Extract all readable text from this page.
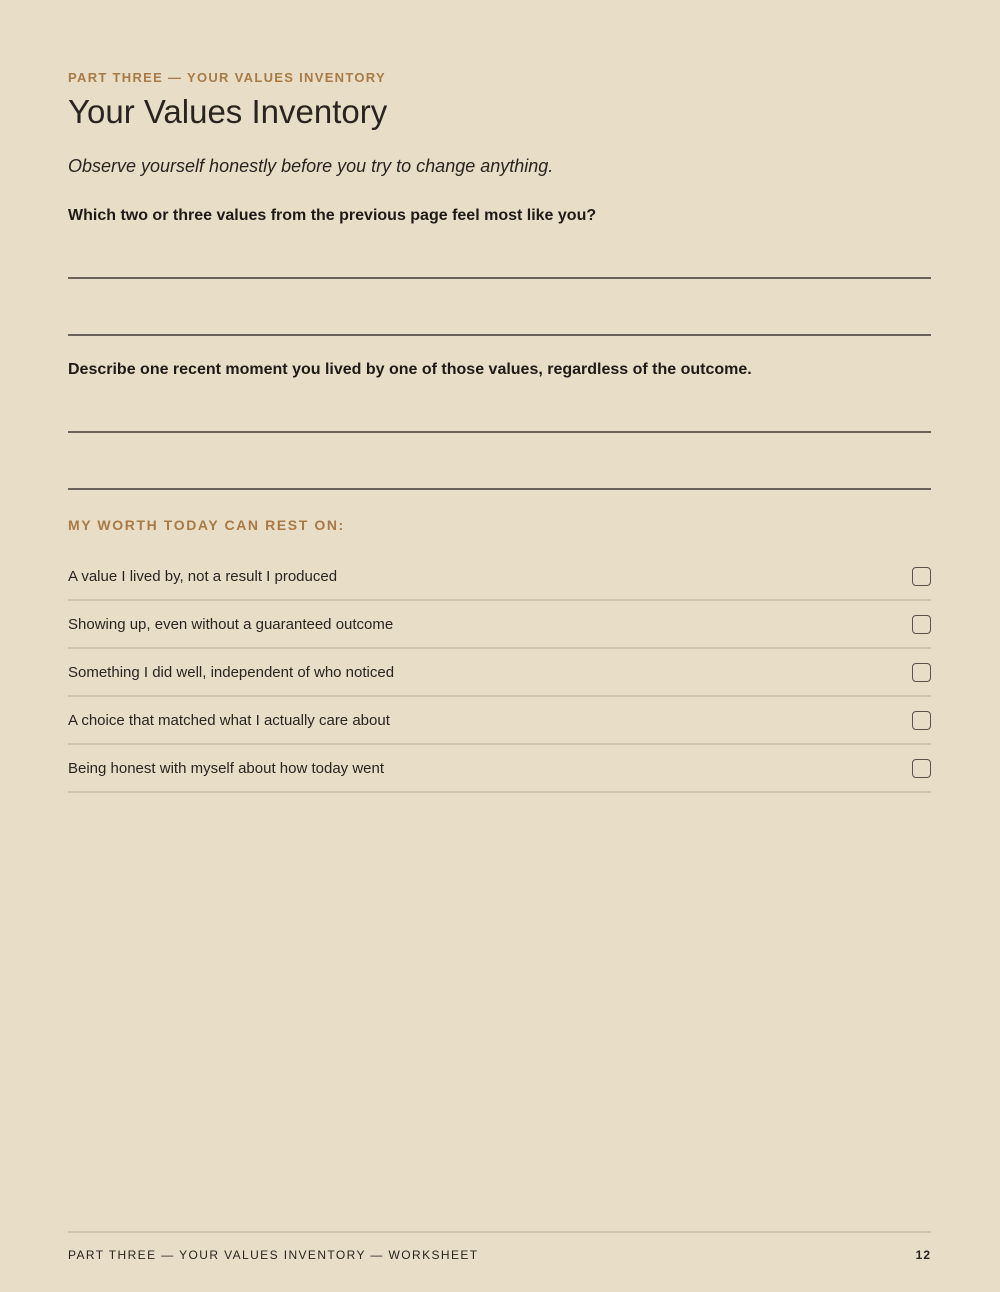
PART THREE — YOUR VALUES INVENTORY
Your Values Inventory
Observe yourself honestly before you try to change anything.
Which two or three values from the previous page feel most like you?
Describe one recent moment you lived by one of those values, regardless of the outcome.
MY WORTH TODAY CAN REST ON:
A value I lived by, not a result I produced
Showing up, even without a guaranteed outcome
Something I did well, independent of who noticed
A choice that matched what I actually care about
Being honest with myself about how today went
PART THREE — YOUR VALUES INVENTORY — WORKSHEET	12
